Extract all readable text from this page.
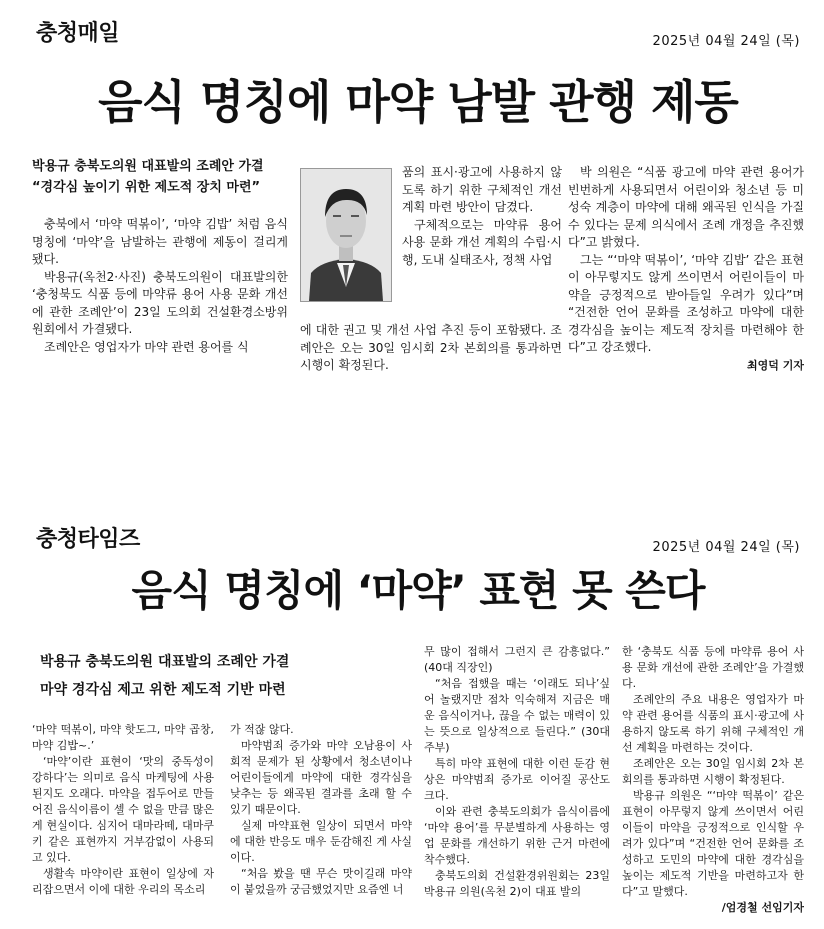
충청매일	2025년 04월 24일 (목)
음식 명칭에 마약 남발 관행 제동
박용규 충북도의원 대표발의 조례안 가결
“경각심 높이기 위한 제도적 장치 마련”

충북에서 ‘마약 떡볶이’, ‘마약 김밥’ 처럼 음식 명칭에 ‘마약’을 남발하는 관행에 제동이 걸리게 됐다.

박용규(옥천2·사진) 충북도의원이 대표발의한 ‘충청북도 식품 등에 마약류 용어 사용 문화 개선에 관한 조례안’이 23일 도의회 건설환경소방위원회에서 가결됐다.

조례안은 영업자가 마약 관련 용어를 식

품의 표시·광고에 사용하지 않도록 하기 위한 구체적인 개선 계획 마련 방안이 담겼다.

구체적으로는 마약류 용어 사용 문화 개선 계획의 수립·시행, 도내 실태조사, 정책 사업

에 대한 권고 및 개선 사업 추진 등이 포함됐다. 조례안은 오는 30일 임시회 2차 본회의를 통과하면 시행이 확정된다.

박 의원은 “식품 광고에 마약 관련 용어가 빈번하게 사용되면서 어린이와 청소년 등 미성숙 계층이 마약에 대해 왜곡된 인식을 가질 수 있다는 문제 의식에서 조례 개정을 추진했다”고 밝혔다.

그는 “‘마약 떡볶이’, ‘마약 김밥’ 같은 표현이 아무렇지도 않게 쓰이면서 어린이들이 마약을 긍정적으로 받아들일 우려가 있다”며 “건전한 언어 문화를 조성하고 마약에 대한 경각심을 높이는 제도적 장치를 마련해야 한다”고 강조했다.

최영덕 기자
충청타임즈	2025년 04월 24일 (목)
음식 명칭에 ‘마약’ 표현 못 쓴다
박용규 충북도의원 대표발의 조례안 가결
마약 경각심 제고 위한 제도적 기반 마련

‘마약 떡볶이, 마약 핫도그, 마약 곱창, 마약 김밥~.’

‘마약’이란 표현이 ‘맛의 중독성이 강하다’는 의미로 음식 마케팅에 사용된지도 오래다. 마약을 접두어로 만들어진 음식이름이 셀 수 없을 만큼 많은게 현실이다. 심지어 대마라떼, 대마쿠키 같은 표현까지 거부감없이 사용되고 있다.

생활속 마약이란 표현이 일상에 자리잡으면서 이에 대한 우리의 목소리

가 적잖 않다.

마약범죄 증가와 마약 오남용이 사회적 문제가 된 상황에서 청소년이나 어린이들에게 마약에 대한 경각심을 낮추는 등 왜곡된 결과를 초래 할 수 있기 때문이다.

실제 마약표현 일상이 되면서 마약에 대한 반응도 매우 둔감해진 게 사실이다.

“처음 봤을 땐 무슨 맛이길래 마약이 붙었을까 궁금했었지만 요즘엔 너

무 많이 접해서 그런지 큰 감흥없다.” (40대 직장인)

“처음 접했을 때는 ‘이래도 되나’싶어 놀랬지만 점차 익숙해져 지금은 매운 음식이거나, 끊을 수 없는 매력이 있는 뜻으로 일상적으로 들린다.” (30대 주부)

특히 마약 표현에 대한 이런 둔감 현상은 마약범죄 증가로 이어질 공산도 크다.

이와 관련 충북도의회가 음식이름에 ‘마약 용어’를 무분별하게 사용하는 영업 문화를 개선하기 위한 근거 마련에 착수했다.

충북도의회 건설환경위원회는 23일 박용규 의원(옥천 2)이 대표 발의

한 ‘충북도 식품 등에 마약류 용어 사용 문화 개선에 관한 조례안’을 가결했다.

조례안의 주요 내용은 영업자가 마약 관련 용어를 식품의 표시·광고에 사용하지 않도록 하기 위해 구체적인 개선 계획을 마련하는 것이다.

조례안은 오는 30일 임시회 2차 본회의를 통과하면 시행이 확정된다.

박용규 의원은 “‘마약 떡볶이’ 같은 표현이 아무렇지 않게 쓰이면서 어린이들이 마약을 긍정적으로 인식할 우려가 있다”며 “건전한 언어 문화를 조성하고 도민의 마약에 대한 경각심을 높이는 제도적 기반을 마련하고자 한다”고 말했다.

/엄경철 선임기자
